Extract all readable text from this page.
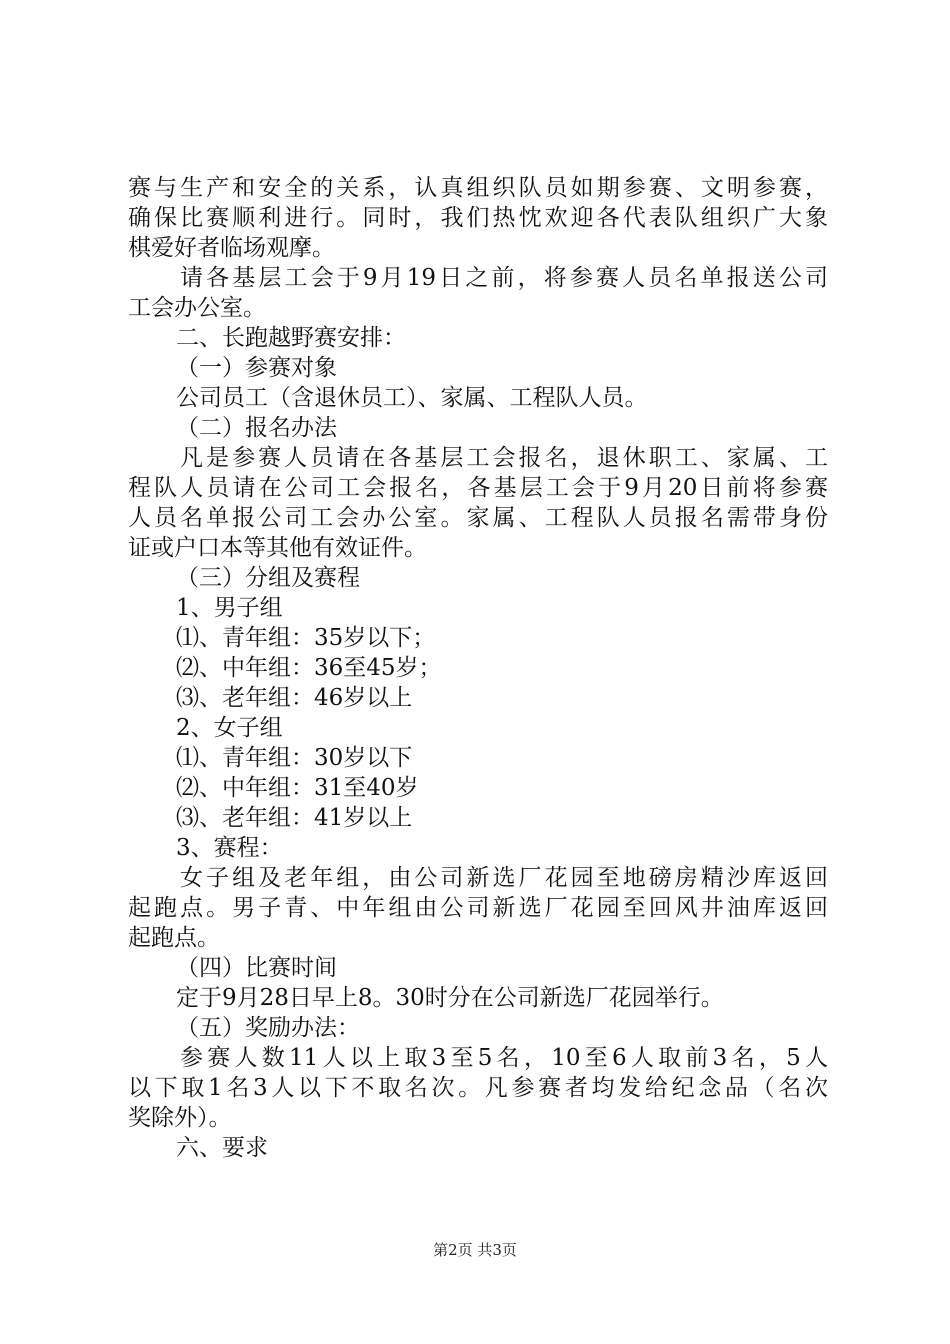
赛与生产和安全的关系，认真组织队员如期参赛、文明参赛，
确保比赛顺利进行。同时，我们热忱欢迎各代表队组织广大象
棋爱好者临场观摩。
请各基层工会于9月19日之前，将参赛人员名单报送公司
工会办公室。
二、长跑越野赛安排：
（一）参赛对象
公司员工（含退休员工）、家属、工程队人员。
（二）报名办法
凡是参赛人员请在各基层工会报名，退休职工、家属、工
程队人员请在公司工会报名，各基层工会于9月20日前将参赛
人员名单报公司工会办公室。家属、工程队人员报名需带身份
证或户口本等其他有效证件。
（三）分组及赛程
1、男子组
⑴、青年组：35岁以下；
⑵、中年组：36至45岁；
⑶、老年组：46岁以上
2、女子组
⑴、青年组：30岁以下
⑵、中年组：31至40岁
⑶、老年组：41岁以上
3、赛程：
女子组及老年组，由公司新选厂花园至地磅房精沙库返回
起跑点。男子青、中年组由公司新选厂花园至回风井油库返回
起跑点。
（四）比赛时间
定于9月28日早上8。30时分在公司新选厂花园举行。
（五）奖励办法：
参赛人数11人以上取3至5名，10至6人取前3名，5人
以下取1名3人以下不取名次。凡参赛者均发给纪念品（名次
奖除外）。
六、要求
第2页 共3页
